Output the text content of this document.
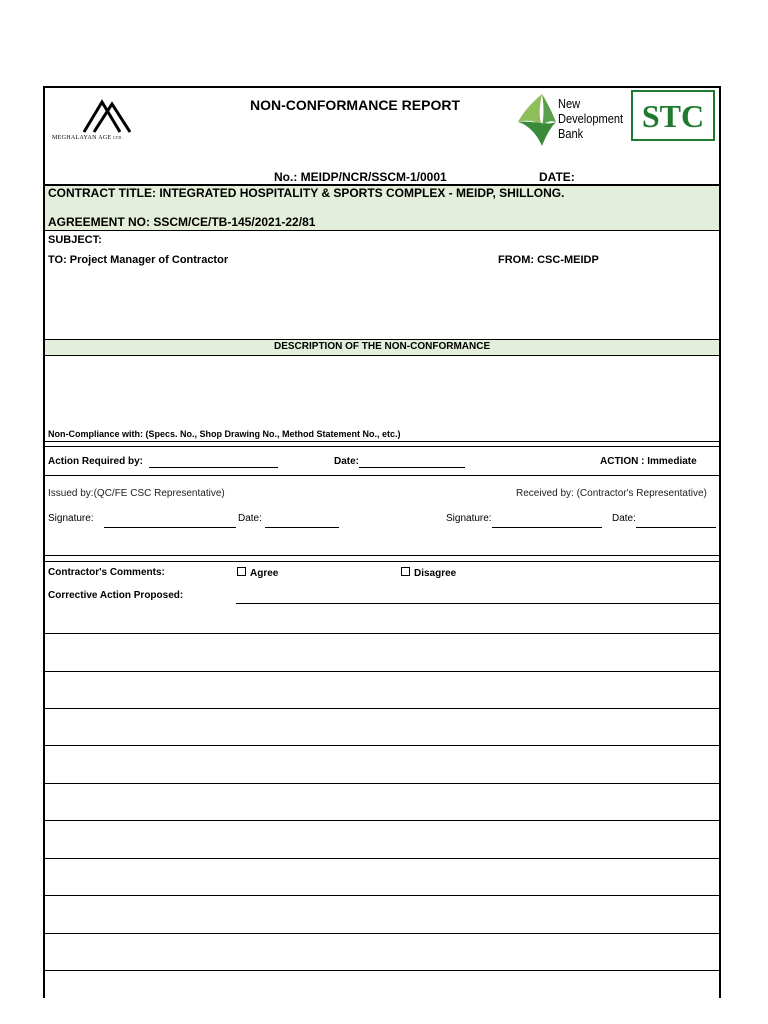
MEGHALAYAN AGE LTD.
NON-CONFORMANCE REPORT	New
Development
Bank	STC
No.: MEIDP/NCR/SSCM-1/0001	DATE:
CONTRACT TITLE: INTEGRATED HOSPITALITY & SPORTS COMPLEX - MEIDP, SHILLONG.
AGREEMENT NO: SSCM/CE/TB-145/2021-22/81
SUBJECT:
TO: Project Manager of Contractor	FROM: CSC-MEIDP
DESCRIPTION OF THE NON-CONFORMANCE
Non-Compliance with: (Specs. No., Shop Drawing No., Method Statement No., etc.)
Action Required by:	Date:	ACTION : Immediate
Issued by:(QC/FE CSC Representative)	Received by: (Contractor's Representative)
Signature:	Date:	Signature:	Date:
Contractor's Comments:	Agree	Disagree
Corrective Action Proposed:
